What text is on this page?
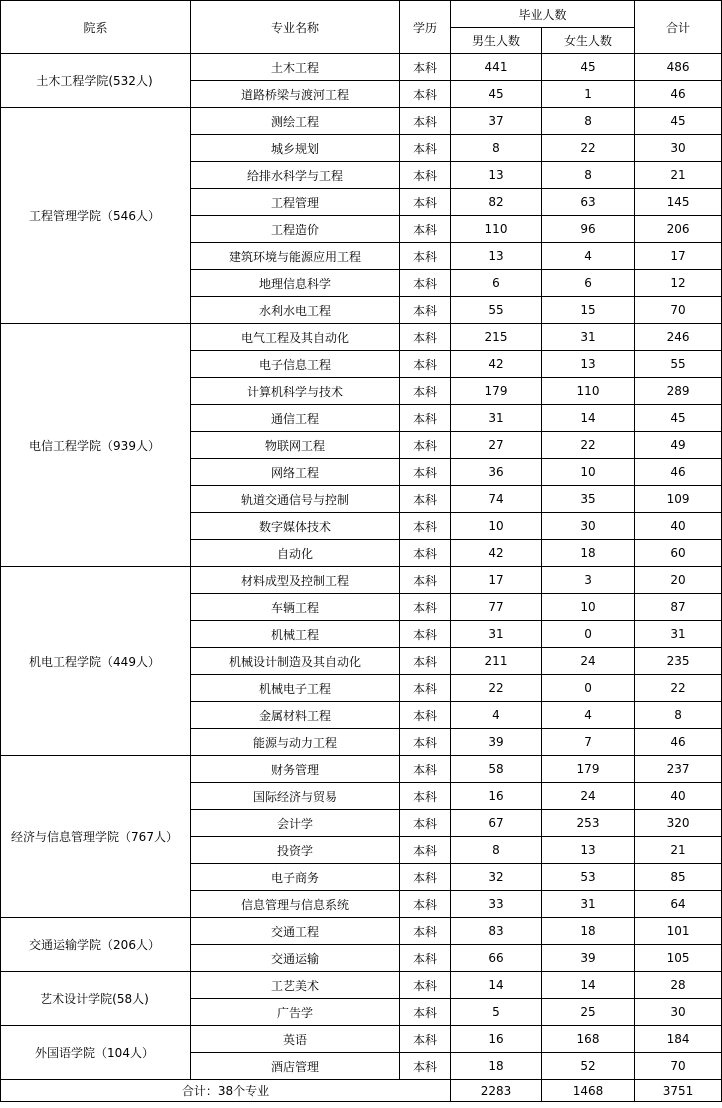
院系	专业名称	学历	毕业人数		合计
			男生人数	女生人数	
土木工程学院(532人)	土木工程	本科	441	45	486
	道路桥梁与渡河工程	本科	45	1	46
工程管理学院（546人）	测绘工程	本科	37	8	45
	城乡规划	本科	8	22	30
	给排水科学与工程	本科	13	8	21
	工程管理	本科	82	63	145
	工程造价	本科	110	96	206
	建筑环境与能源应用工程	本科	13	4	17
	地理信息科学	本科	6	6	12
	水利水电工程	本科	55	15	70
电信工程学院（939人）	电气工程及其自动化	本科	215	31	246
	电子信息工程	本科	42	13	55
	计算机科学与技术	本科	179	110	289
	通信工程	本科	31	14	45
	物联网工程	本科	27	22	49
	网络工程	本科	36	10	46
	轨道交通信号与控制	本科	74	35	109
	数字媒体技术	本科	10	30	40
	自动化	本科	42	18	60
机电工程学院（449人）	材料成型及控制工程	本科	17	3	20
	车辆工程	本科	77	10	87
	机械工程	本科	31	0	31
	机械设计制造及其自动化	本科	211	24	235
	机械电子工程	本科	22	0	22
	金属材料工程	本科	4	4	8
	能源与动力工程	本科	39	7	46
经济与信息管理学院（767人）	财务管理	本科	58	179	237
	国际经济与贸易	本科	16	24	40
	会计学	本科	67	253	320
	投资学	本科	8	13	21
	电子商务	本科	32	53	85
	信息管理与信息系统	本科	33	31	64
交通运输学院（206人）	交通工程	本科	83	18	101
	交通运输	本科	66	39	105
艺术设计学院(58人)	工艺美术	本科	14	14	28
	广告学	本科	5	25	30
外国语学院（104人）	英语	本科	16	168	184
	酒店管理	本科	18	52	70
合计：38个专业			2283	1468	3751
